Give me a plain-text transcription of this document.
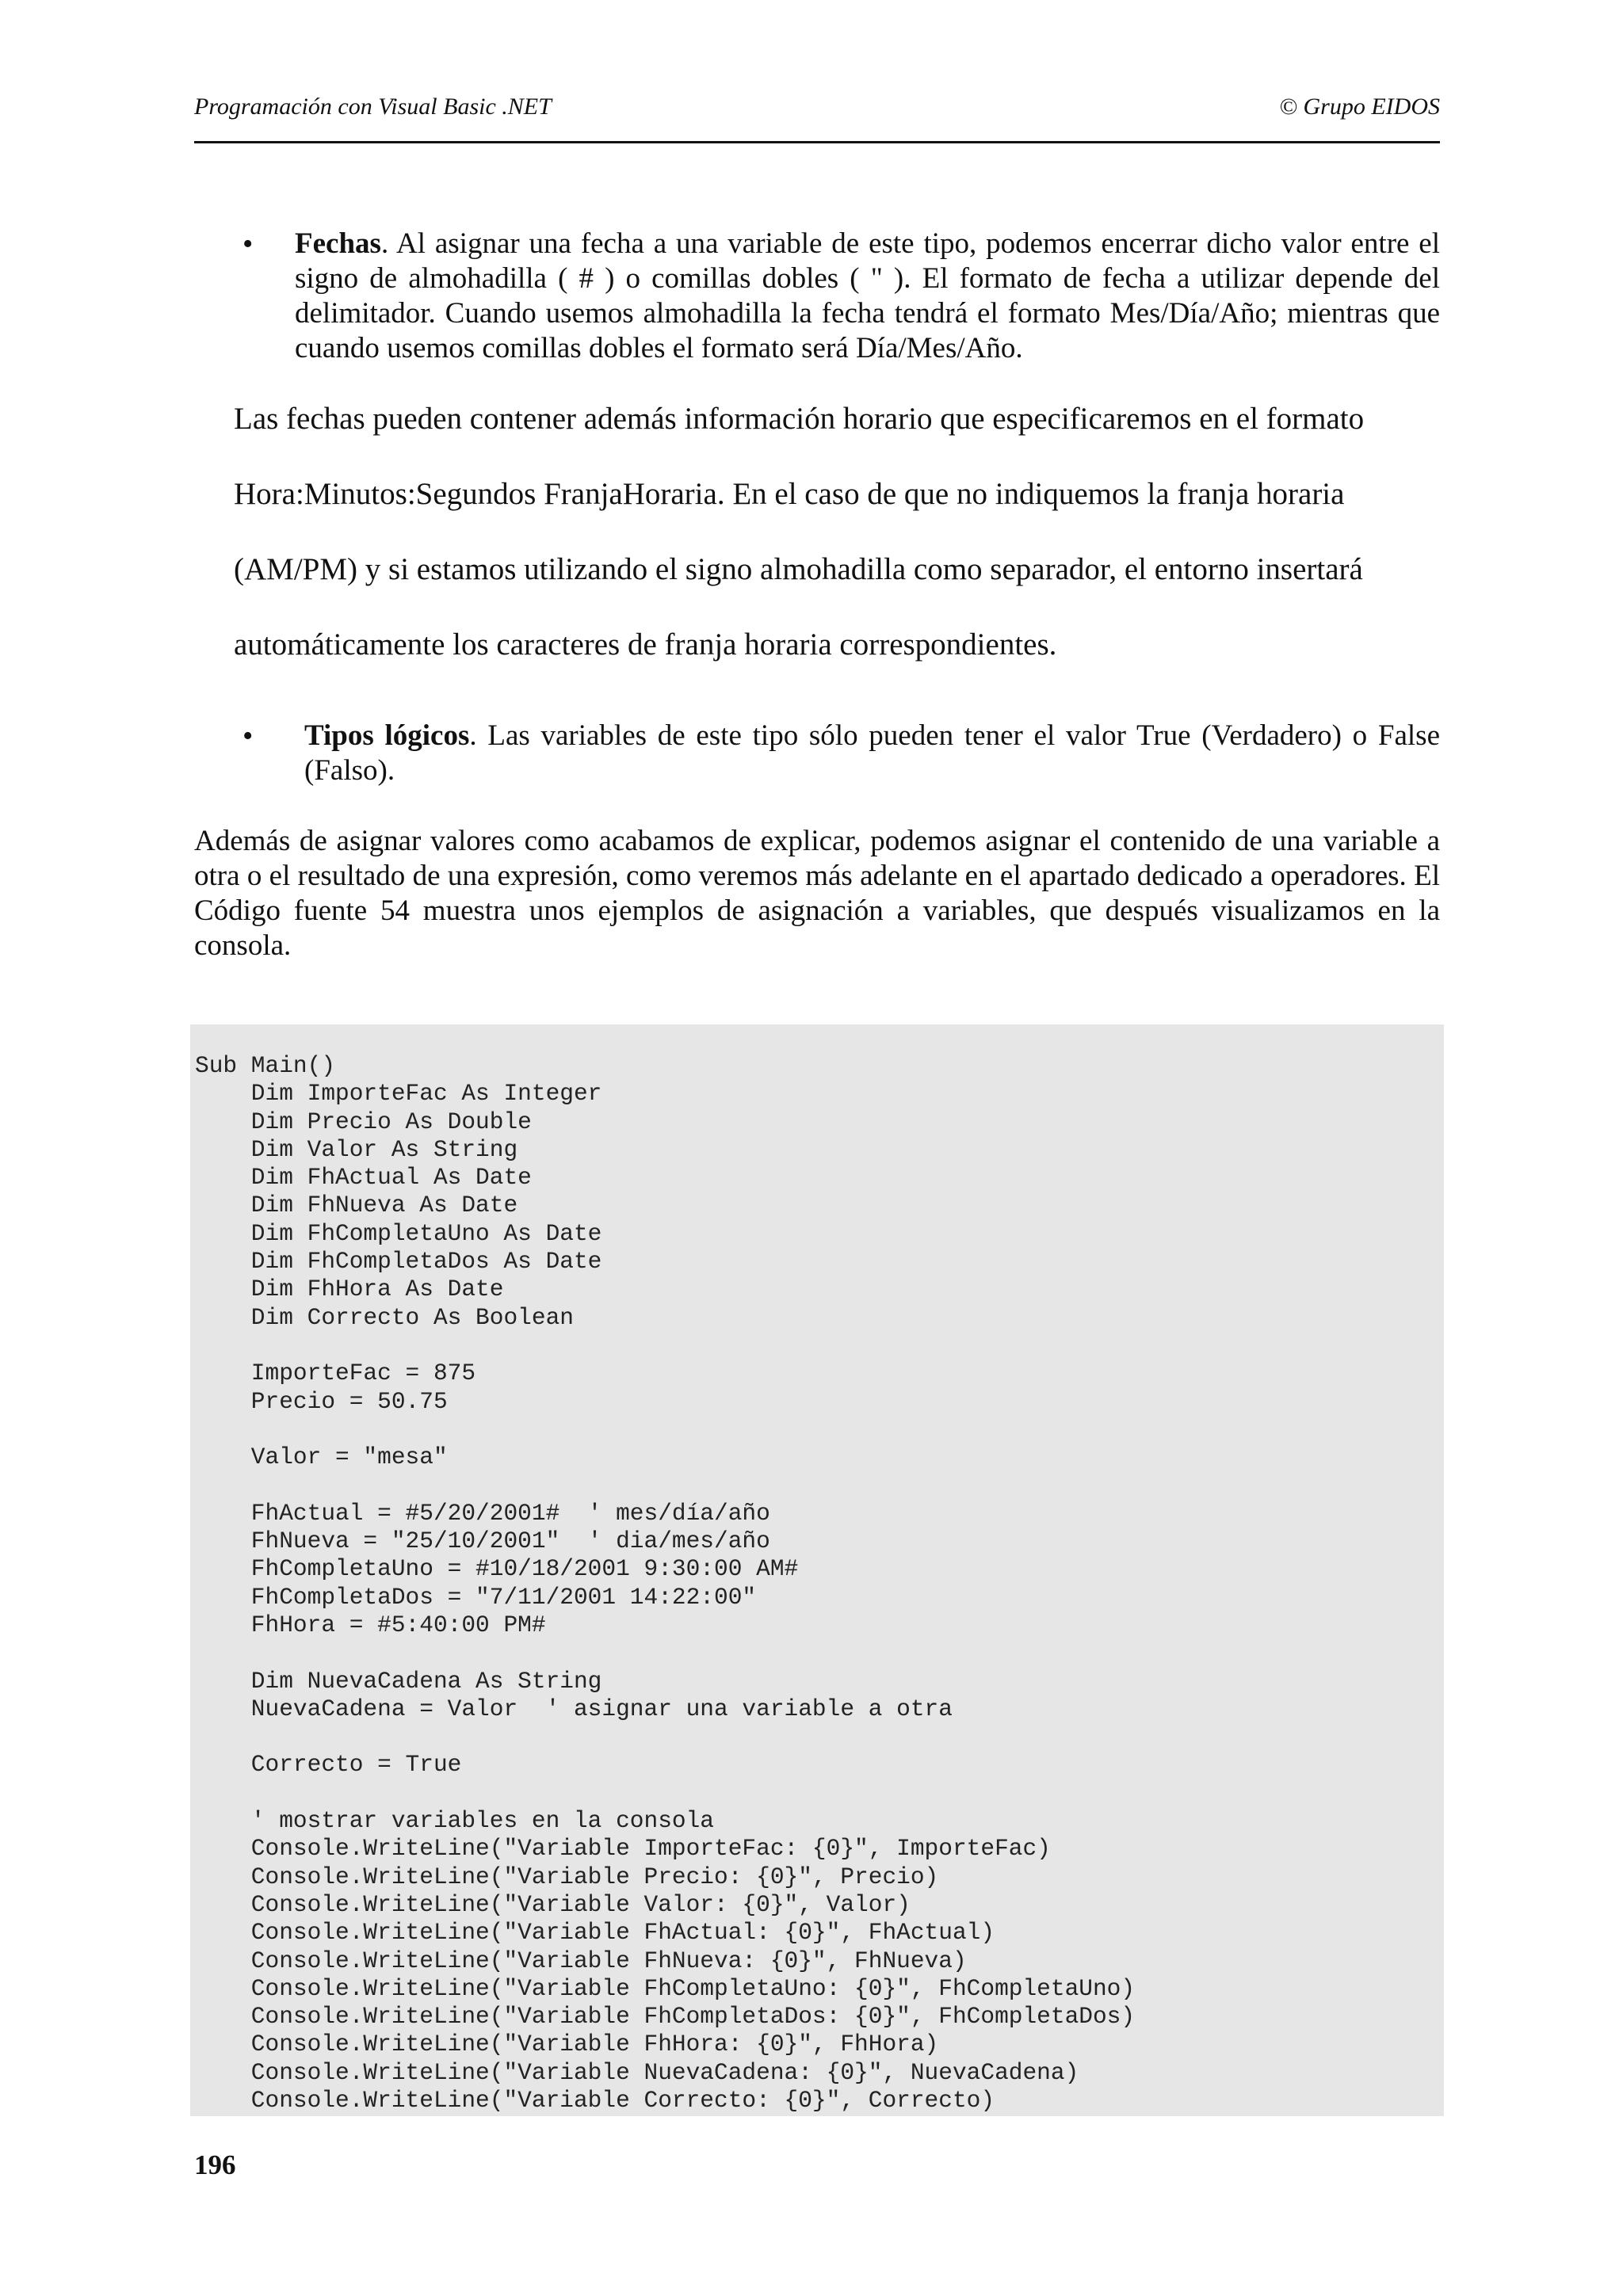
Programación con Visual Basic .NET	© Grupo EIDOS
• Fechas. Al asignar una fecha a una variable de este tipo, podemos encerrar dicho valor entre el signo de almohadilla ( # ) o comillas dobles ( " ). El formato de fecha a utilizar depende del delimitador. Cuando usemos almohadilla la fecha tendrá el formato Mes/Día/Año; mientras que cuando usemos comillas dobles el formato será Día/Mes/Año.

Las fechas pueden contener además información horario que especificaremos en el formato
Hora:Minutos:Segundos FranjaHoraria. En el caso de que no indiquemos la franja horaria
(AM/PM) y si estamos utilizando el signo almohadilla como separador, el entorno insertará
automáticamente los caracteres de franja horaria correspondientes.
• Tipos lógicos. Las variables de este tipo sólo pueden tener el valor True (Verdadero) o False (Falso).

Además de asignar valores como acabamos de explicar, podemos asignar el contenido de una variable a otra o el resultado de una expresión, como veremos más adelante en el apartado dedicado a operadores. El Código fuente 54 muestra unos ejemplos de asignación a variables, que después visualizamos en la consola.

Sub Main()
Dim ImporteFac As Integer
Dim Precio As Double
Dim Valor As String
Dim FhActual As Date
Dim FhNueva As Date
Dim FhCompletaUno As Date
Dim FhCompletaDos As Date
Dim FhHora As Date
Dim Correcto As Boolean
ImporteFac = 875
Precio = 50.75
Valor = "mesa"
FhActual = #5/20/2001#  ' mes/día/año
FhNueva = "25/10/2001"  ' dia/mes/año
FhCompletaUno = #10/18/2001 9:30:00 AM#
FhCompletaDos = "7/11/2001 14:22:00"
FhHora = #5:40:00 PM#
Dim NuevaCadena As String
NuevaCadena = Valor  ' asignar una variable a otra
Correcto = True
' mostrar variables en la consola
Console.WriteLine("Variable ImporteFac: {0}", ImporteFac)
Console.WriteLine("Variable Precio: {0}", Precio)
Console.WriteLine("Variable Valor: {0}", Valor)
Console.WriteLine("Variable FhActual: {0}", FhActual)
Console.WriteLine("Variable FhNueva: {0}", FhNueva)
Console.WriteLine("Variable FhCompletaUno: {0}", FhCompletaUno)
Console.WriteLine("Variable FhCompletaDos: {0}", FhCompletaDos)
Console.WriteLine("Variable FhHora: {0}", FhHora)
Console.WriteLine("Variable NuevaCadena: {0}", NuevaCadena)
Console.WriteLine("Variable Correcto: {0}", Correcto)
196
